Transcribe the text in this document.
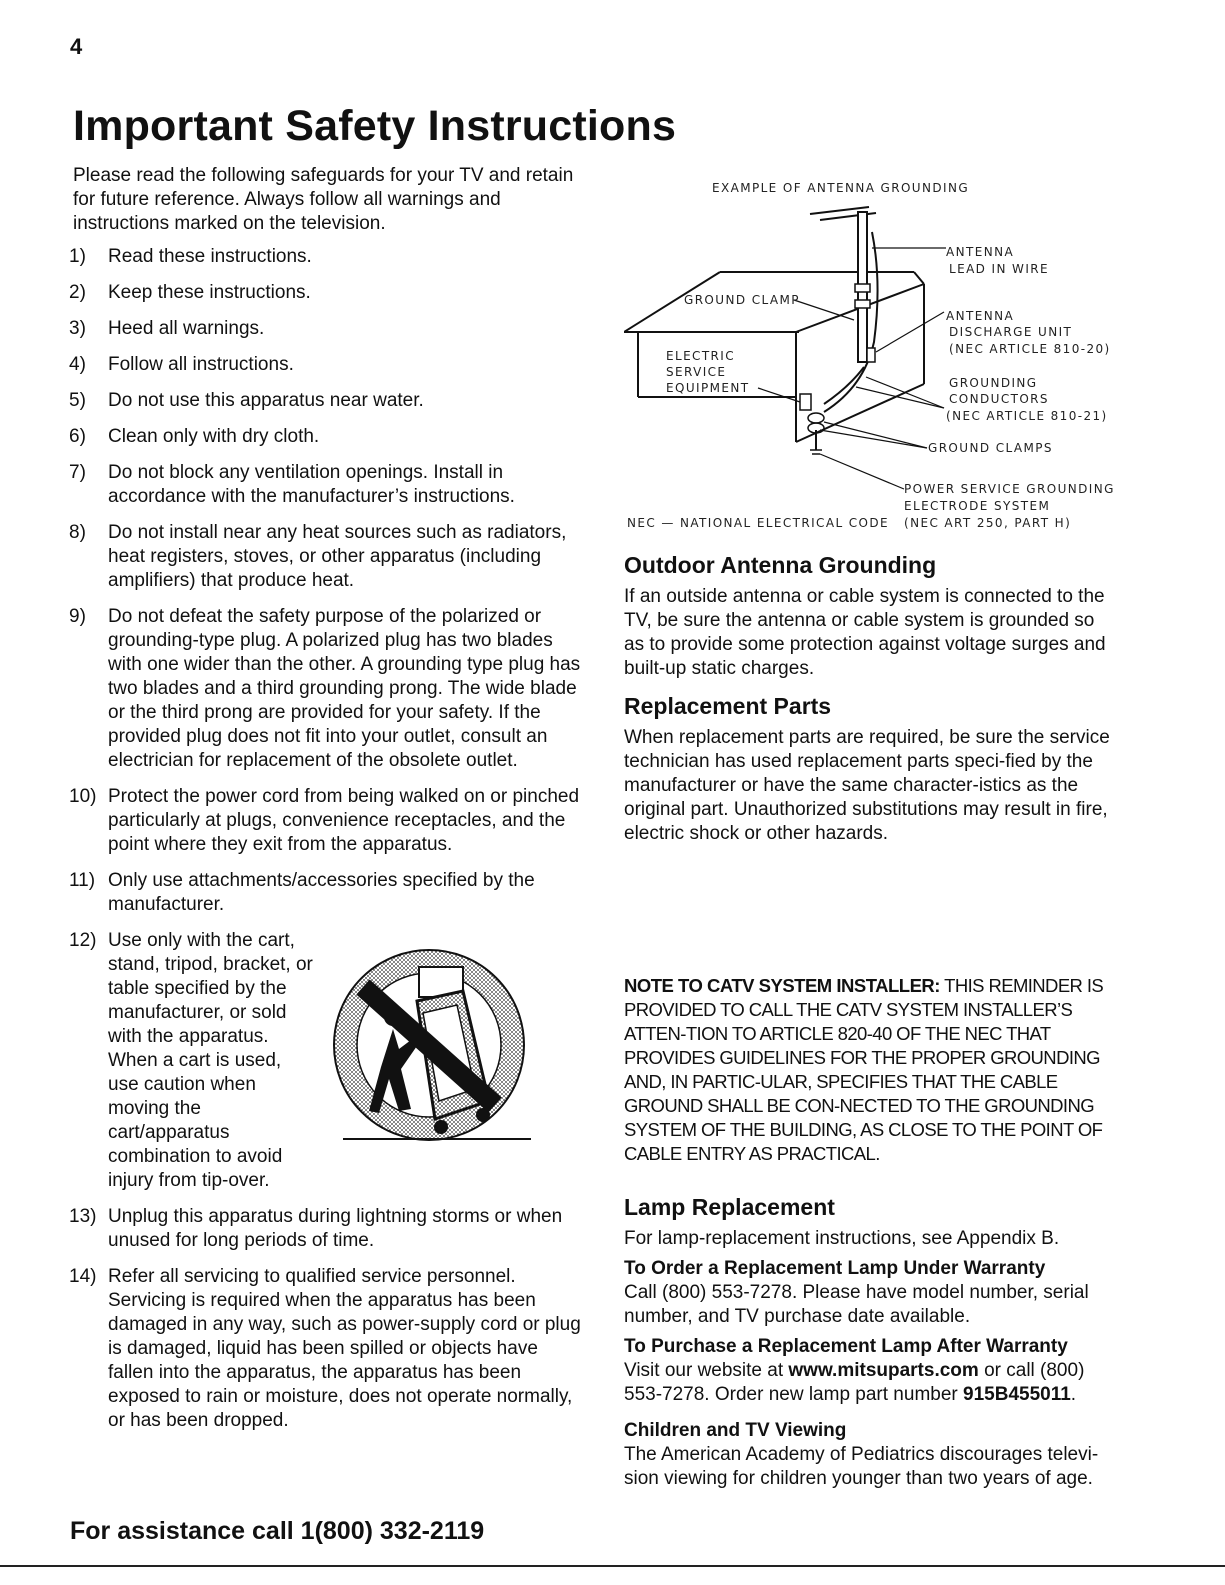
4
Important Safety Instructions

Please read the following safeguards for your TV and retain for future reference. Always follow all warnings and instructions marked on the television.

1)	Read these instructions.
2)	Keep these instructions.
3)	Heed all warnings.
4)	Follow all instructions.
5)	Do not use this apparatus near water.
6)	Clean only with dry cloth.
7)	Do not block any ventilation openings. Install in accordance with the manufacturer’s instructions.
8)	Do not install near any heat sources such as radiators, heat registers, stoves, or other apparatus (including amplifiers) that produce heat.
9)	Do not defeat the safety purpose of the polarized or grounding-type plug. A polarized plug has two blades with one wider than the other. A grounding type plug has two blades and a third grounding prong. The wide blade or the third prong are provided for your safety. If the provided plug does not fit into your outlet, consult an electrician for replacement of the obsolete outlet.
10) Protect the power cord from being walked on or pinched particularly at plugs, convenience receptacles, and the point where they exit from the apparatus.
11) Only use attachments/accessories specified by the manufacturer.
12) Use only with the cart, stand, tripod, bracket, or table specified by the manufacturer, or sold with the apparatus. When a cart is used, use caution when moving the cart/apparatus combination to avoid injury from tip-over.
13) Unplug this apparatus during lightning storms or when unused for long periods of time.
14) Refer all servicing to qualified service personnel. Servicing is required when the apparatus has been damaged in any way, such as power-supply cord or plug is damaged, liquid has been spilled or objects have fallen into the apparatus, the apparatus has been exposed to rain or moisture, does not operate normally, or has been dropped.
EXAMPLE OF ANTENNA GROUNDING
ANTENNA
LEAD IN WIRE
GROUND CLAMP
ANTENNA
DISCHARGE UNIT
(NEC ARTICLE 810-20)
ELECTRIC
SERVICE
EQUIPMENT	GROUNDING
CONDUCTORS
(NEC ARTICLE 810-21)
GROUND CLAMPS
POWER SERVICE GROUNDING
ELECTRODE SYSTEM
(NEC ART 250, PART H)
NEC — NATIONAL ELECTRICAL CODE
Outdoor Antenna Grounding

If an outside antenna or cable system is connected to the TV, be sure the antenna or cable system is grounded so as to provide some protection against voltage surges and built-up static charges.

Replacement Parts

When replacement parts are required, be sure the service technician has used replacement parts speci-fied by the manufacturer or have the same character-istics as the original part. Unauthorized substitutions may result in fire, electric shock or other hazards.

NOTE TO CATV SYSTEM INSTALLER: THIS REMINDER IS PROVIDED TO CALL THE CATV SYSTEM INSTALLER’S ATTEN-TION TO ARTICLE 820-40 OF THE NEC THAT PROVIDES GUIDELINES FOR THE PROPER GROUNDING AND, IN PARTIC-ULAR, SPECIFIES THAT THE CABLE GROUND SHALL BE CON-NECTED TO THE GROUNDING SYSTEM OF THE BUILDING, AS CLOSE TO THE POINT OF CABLE ENTRY AS PRACTICAL.

Lamp Replacement

For lamp-replacement instructions, see Appendix B.

To Order a Replacement Lamp Under Warranty

Call (800) 553-7278. Please have model number, serial number, and TV purchase date available.

To Purchase a Replacement Lamp After Warranty

Visit our website at www.mitsuparts.com or call (800) 553-7278. Order new lamp part number 915B455011.

Children and TV Viewing

The American Academy of Pediatrics discourages televi-sion viewing for children younger than two years of age.

For assistance call 1(800) 332-2119
